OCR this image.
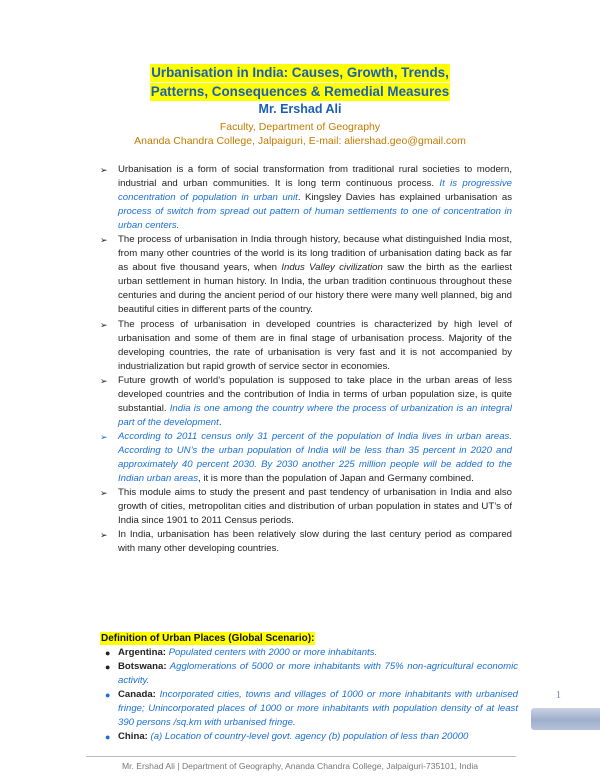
Urbanisation in India: Causes, Growth, Trends,
Patterns, Consequences & Remedial Measures
Mr. Ershad Ali
Faculty, Department of Geography
Ananda Chandra College, Jalpaiguri, E-mail: aliershad.geo@gmail.com
➢ Urbanisation is a form of social transformation from traditional rural societies to modern, industrial and urban communities. It is long term continuous process. It is progressive concentration of population in urban unit. Kingsley Davies has explained urbanisation as process of switch from spread out pattern of human settlements to one of concentration in urban centers.
➢ The process of urbanisation in India through history, because what distinguished India most, from many other countries of the world is its long tradition of urbanisation dating back as far as about five thousand years, when Indus Valley civilization saw the birth as the earliest urban settlement in human history. In India, the urban tradition continuous throughout these centuries and during the ancient period of our history there were many well planned, big and beautiful cities in different parts of the country.
➢ The process of urbanisation in developed countries is characterized by high level of urbanisation and some of them are in final stage of urbanisation process. Majority of the developing countries, the rate of urbanisation is very fast and it is not accompanied by industrialization but rapid growth of service sector in economies.
➢ Future growth of world’s population is supposed to take place in the urban areas of less developed countries and the contribution of India in terms of urban population size, is quite substantial. India is one among the country where the process of urbanization is an integral part of the development.
➢ According to 2011 census only 31 percent of the population of India lives in urban areas. According to UN’s the urban population of India will be less than 35 percent in 2020 and approximately 40 percent 2030. By 2030 another 225 million people will be added to the Indian urban areas, it is more than the population of Japan and Germany combined.
➢ This module aims to study the present and past tendency of urbanisation in India and also growth of cities, metropolitan cities and distribution of urban population in states and UT’s of India since 1901 to 2011 Census periods.
➢ In India, urbanisation has been relatively slow during the last century period as compared with many other developing countries.
Definition of Urban Places (Global Scenario):
● Argentina: Populated centers with 2000 or more inhabitants.
● Botswana: Agglomerations of 5000 or more inhabitants with 75% non-agricultural economic activity.
● Canada: Incorporated cities, towns and villages of 1000 or more inhabitants with urbanised fringe; Unincorporated places of 1000 or more inhabitants with population density of at least 390 persons /sq.km with urbanised fringe.
● China: (a) Location of country-level govt. agency (b) population of less than 20000
1
Mr. Ershad Ali | Department of Geography, Ananda Chandra College, Jalpaiguri-735101, India
